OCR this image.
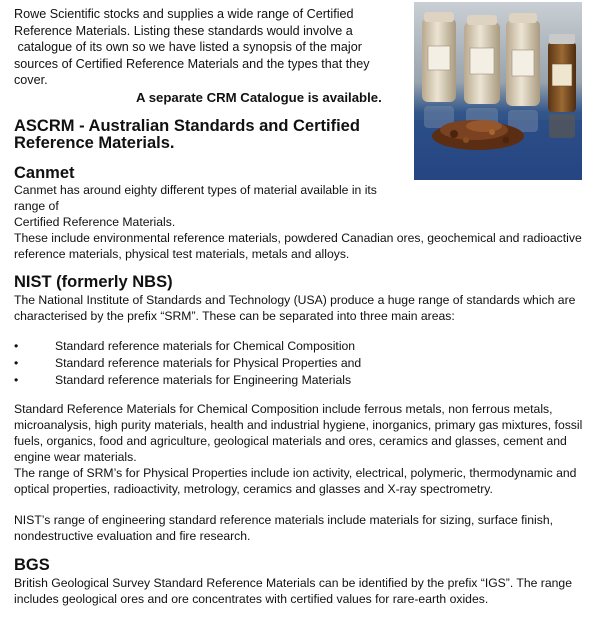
Rowe Scientific stocks and supplies a wide range of Certified

Reference Materials. Listing these standards would involve a

catalogue of its own so we have listed a synopsis of the major

sources of Certified Reference Materials and the types that they

cover.

A separate CRM Catalogue is available.
ASCRM - Australian Standards and Certified
Reference Materials.
Canmet
Canmet has around eighty different types of material available in its range of
Certified Reference Materials.

These include environmental reference materials, powdered Canadian ores, geochemical and radioactive reference materials, physical test materials, metals and alloys.

NIST (formerly NBS)

The National Institute of Standards and Technology (USA) produce a huge range of standards which are characterised by the prefix “SRM”. These can be separated into three main areas:

•	Standard reference materials for Chemical Composition
•	Standard reference materials for Physical Properties and
•	Standard reference materials for Engineering Materials

Standard Reference Materials for Chemical Composition include ferrous metals, non ferrous metals, microanalysis, high purity materials, health and industrial hygiene, inorganics, primary gas mixtures, fossil fuels, organics, food and agriculture, geological materials and ores, ceramics and glasses, cement and engine wear materials.

The range of SRM’s for Physical Properties include ion activity, electrical, polymeric, thermodynamic and optical properties, radioactivity, metrology, ceramics and glasses and X-ray spectrometry.

NIST’s range of engineering standard reference materials include materials for sizing, surface finish, nondestructive evaluation and fire research.

BGS

British Geological Survey Standard Reference Materials can be identified by the prefix “IGS”. The range includes geological ores and ore concentrates with certified values for rare-earth oxides.
